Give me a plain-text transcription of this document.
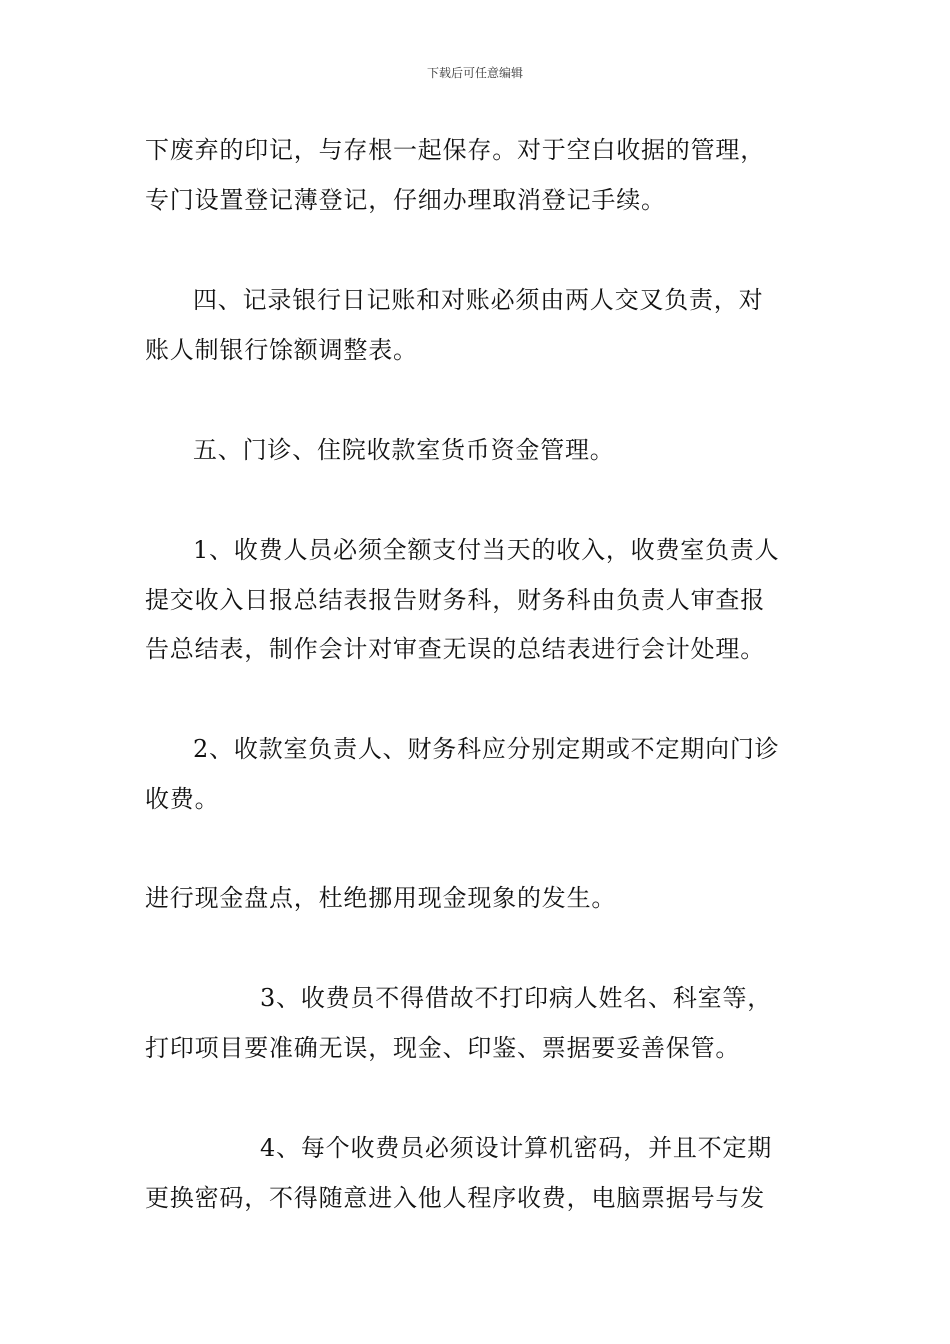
下载后可任意编辑
下废弃的印记，与存根一起保存。对于空白收据的管理，
专门设置登记薄登记，仔细办理取消登记手续。
四、记录银行日记账和对账必须由两人交叉负责，对
账人制银行馀额调整表。
五、门诊、住院收款室货币资金管理。
1、收费人员必须全额支付当天的收入，收费室负责人
提交收入日报总结表报告财务科，财务科由负责人审查报
告总结表，制作会计对审查无误的总结表进行会计处理。
2、收款室负责人、财务科应分别定期或不定期向门诊
收费。
进行现金盘点，杜绝挪用现金现象的发生。
3、收费员不得借故不打印病人姓名、科室等，
打印项目要准确无误，现金、印鉴、票据要妥善保管。
4、每个收费员必须设计算机密码，并且不定期
更换密码，不得随意进入他人程序收费，电脑票据号与发
